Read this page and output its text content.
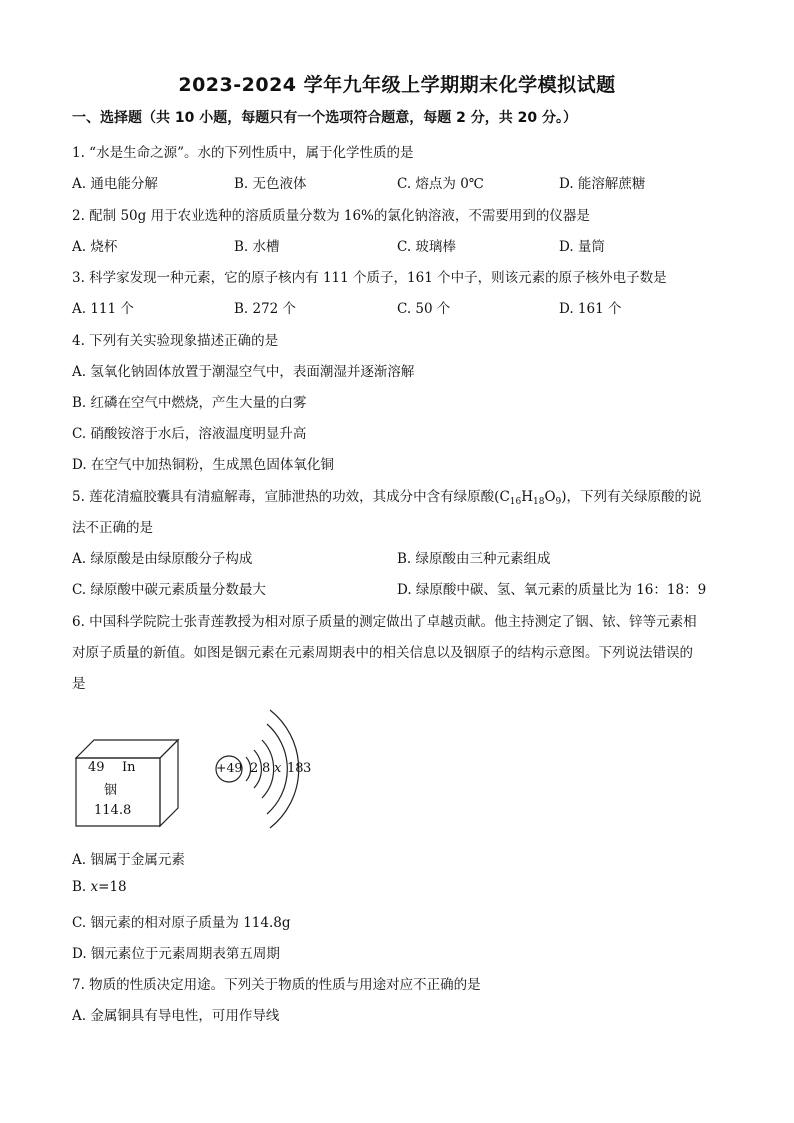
2023-2024 学年九年级上学期期末化学模拟试题
一、选择题（共 10 小题，每题只有一个选项符合题意，每题 2 分，共 20 分。）
1. “水是生命之源”。水的下列性质中，属于化学性质的是
A. 通电能分解	B. 无色液体	C. 熔点为 0℃	D. 能溶解蔗糖
2. 配制 50g 用于农业选种的溶质质量分数为 16%的氯化钠溶液，不需要用到的仪器是
A. 烧杯	B. 水槽	C. 玻璃棒	D. 量筒
3. 科学家发现一种元素，它的原子核内有 111 个质子，161 个中子，则该元素的原子核外电子数是
A. 111 个	B. 272 个	C. 50 个	D. 161 个
4. 下列有关实验现象描述正确的是
A. 氢氧化钠固体放置于潮湿空气中，表面潮湿并逐渐溶解
B. 红磷在空气中燃烧，产生大量的白雾
C. 硝酸铵溶于水后，溶液温度明显升高
D. 在空气中加热铜粉，生成黑色固体氧化铜
5. 莲花清瘟胶囊具有清瘟解毒，宣肺泄热的功效，其成分中含有绿原酸$(C_{16}H_{18}O_9)$，下列有关绿原酸的说
法不正确的是
A. 绿原酸是由绿原酸分子构成	B. 绿原酸由三种元素组成
C. 绿原酸中碳元素质量分数最大	D. 绿原酸中碳、氢、氧元素的质量比为 16：18：9
6. 中国科学院院士张青莲教授为相对原子质量的测定做出了卓越贡献。他主持测定了铟、铱、锌等元素相
对原子质量的新值。如图是铟元素在元素周期表中的相关信息以及铟原子的结构示意图。下列说法错误的
是
49 In
铟
114.8
+49 2 8 x 18 3
A. 铟属于金属元素
B. x=18
C. 铟元素的相对原子质量为 114.8g
D. 铟元素位于元素周期表第五周期
7. 物质的性质决定用途。下列关于物质的性质与用途对应不正确的是
A. 金属铜具有导电性，可用作导线
